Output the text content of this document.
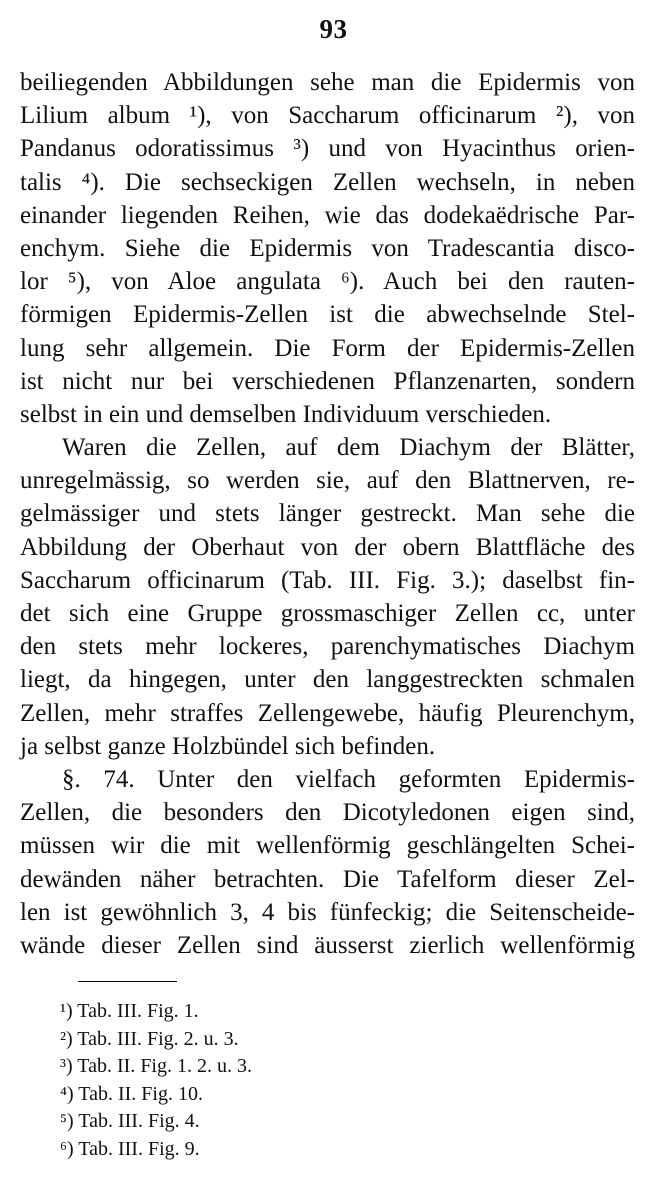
93
beiliegenden Abbildungen sehe man die Epidermis von
Lilium album ¹), von Saccharum officinarum ²), von
Pandanus odoratissimus ³) und von Hyacinthus orien-
talis ⁴). Die sechseckigen Zellen wechseln, in neben
einander liegenden Reihen, wie das dodekaëdrische Par-
enchym. Siehe die Epidermis von Tradescantia disco-
lor ⁵), von Aloe angulata ⁶). Auch bei den rauten-
förmigen Epidermis-Zellen ist die abwechselnde Stel-
lung sehr allgemein. Die Form der Epidermis-Zellen
ist nicht nur bei verschiedenen Pflanzenarten, sondern
selbst in ein und demselben Individuum verschieden.
Waren die Zellen, auf dem Diachym der Blätter,
unregelmässig, so werden sie, auf den Blattnerven, re-
gelmässiger und stets länger gestreckt. Man sehe die
Abbildung der Oberhaut von der obern Blattfläche des
Saccharum officinarum (Tab. III. Fig. 3.); daselbst fin-
det sich eine Gruppe grossmaschiger Zellen cc, unter
den stets mehr lockeres, parenchymatisches Diachym
liegt, da hingegen, unter den langgestreckten schmalen
Zellen, mehr straffes Zellengewebe, häufig Pleurenchym,
ja selbst ganze Holzbündel sich befinden.
§. 74. Unter den vielfach geformten Epidermis-
Zellen, die besonders den Dicotyledonen eigen sind,
müssen wir die mit wellenförmig geschlängelten Schei-
dewänden näher betrachten. Die Tafelform dieser Zel-
len ist gewöhnlich 3, 4 bis fünfeckig; die Seitenscheide-
wände dieser Zellen sind äusserst zierlich wellenförmig
¹) Tab. III. Fig. 1.
²) Tab. III. Fig. 2. u. 3.
³) Tab. II. Fig. 1. 2. u. 3.
⁴) Tab. II. Fig. 10.
⁵) Tab. III. Fig. 4.
⁶) Tab. III. Fig. 9.
